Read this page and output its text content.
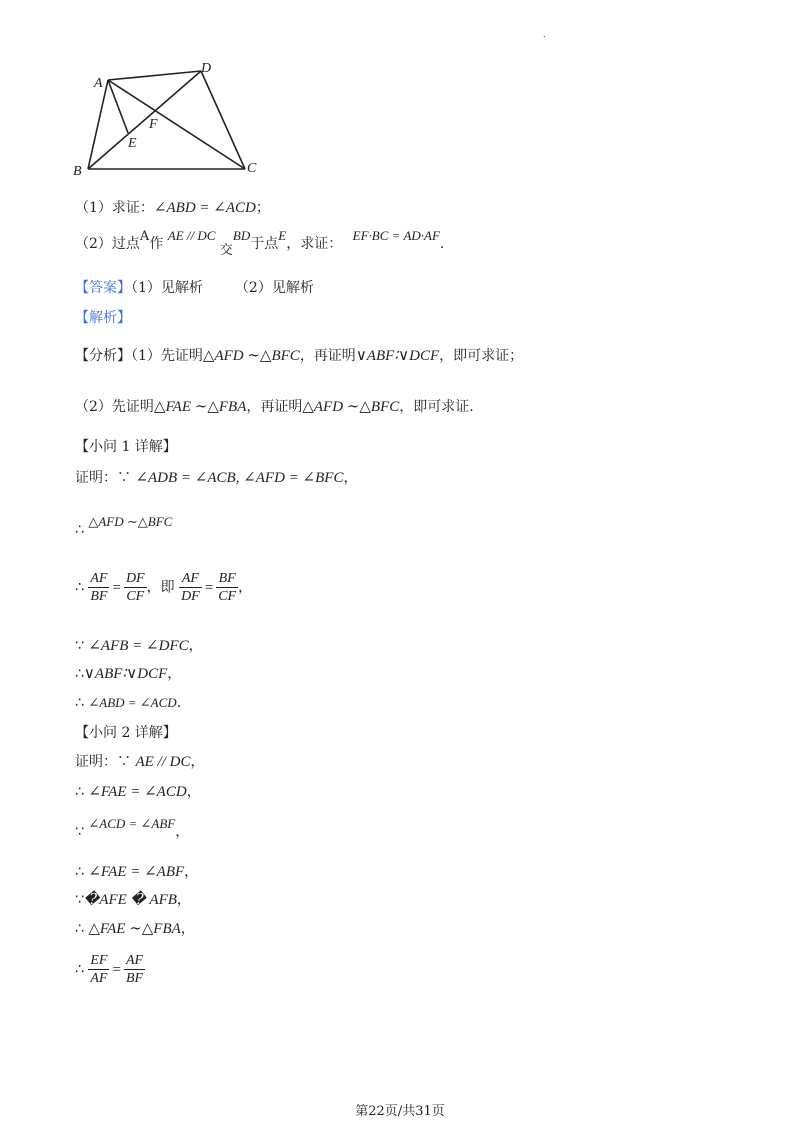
.
A
D
F
E
B	C
（1）求证：∠ABD = ∠ACD；
（2）过点A作 AE // DC 交BD于点E，求证： EF·BC = AD·AF.
【答案】（1）见解析 （2）见解析
【解析】
【分析】（1）先证明△AFD ∼△BFC，再证明∨ABF∶∨DCF，即可求证；
（2）先证明△FAE ∼△FBA，再证明△AFD ∼△BFC，即可求证.
【小问 1 详解】
证明：∵ ∠ADB = ∠ACB, ∠AFD = ∠BFC，
∴ △AFD ∼△BFC
∴ $\frac{AF}{BF} = \frac{DF}{CF}$ ，即 $\frac{AF}{DF} = \frac{BF}{CF}$ ，
∵ ∠AFB = ∠DFC，
∴∨ABF∶∨DCF，
∴ ∠ABD = ∠ACD.
【小问 2 详解】
证明：∵ AE // DC，
∴ ∠FAE = ∠ACD，
∵ ∠ACD = ∠ABF，
∴ ∠FAE = ∠ABF，
∵�AFE � AFB，
∴ △FAE ∼△FBA，
∴ $\frac{EF}{AF} = \frac{AF}{BF}$
第22页/共31页
